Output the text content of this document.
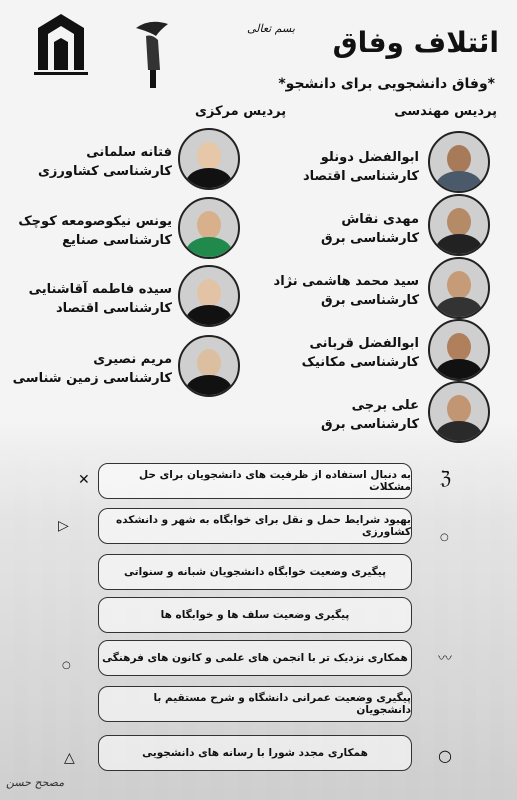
بسم تعالی ائتلاف وفاق
*وفاق دانشجویی برای دانشجو*
پردیس مرکزی	پردیس مهندسی
فتانه سلمانی
کارشناسی کشاورزی
یونس نیکوصومعه کوچک
کارشناسی صنایع
سیده فاطمه آقاشنایی
کارشناسی اقتصاد
مریم نصیری
کارشناسی زمین شناسی
ابوالفضل دونلو
کارشناسی اقتصاد
مهدی نقاش
کارشناسی برق
سید محمد هاشمی نژاد
کارشناسی برق
ابوالفضل قربانی
کارشناسی مکانیک
علی برجی
کارشناسی برق
به دنبال استفاده از ظرفیت های دانشجویان برای حل مشکلات
بهبود شرایط حمل و نقل برای خوابگاه به شهر و دانشکده کشاورزی
پیگیری وضعیت خوابگاه دانشجویان شبانه و سنواتی
پیگیری وضعیت سلف ها و خوابگاه ها
همکاری نزدیک تر با انجمن های علمی و کانون های فرهنگی
پیگیری وضعیت عمرانی دانشگاه و شرح مستقیم با دانشجویان
همکاری مجدد شورا با رسانه های دانشجویی
✕	ℨ
▷
○
〰
○
△	○
مصحح حسن
